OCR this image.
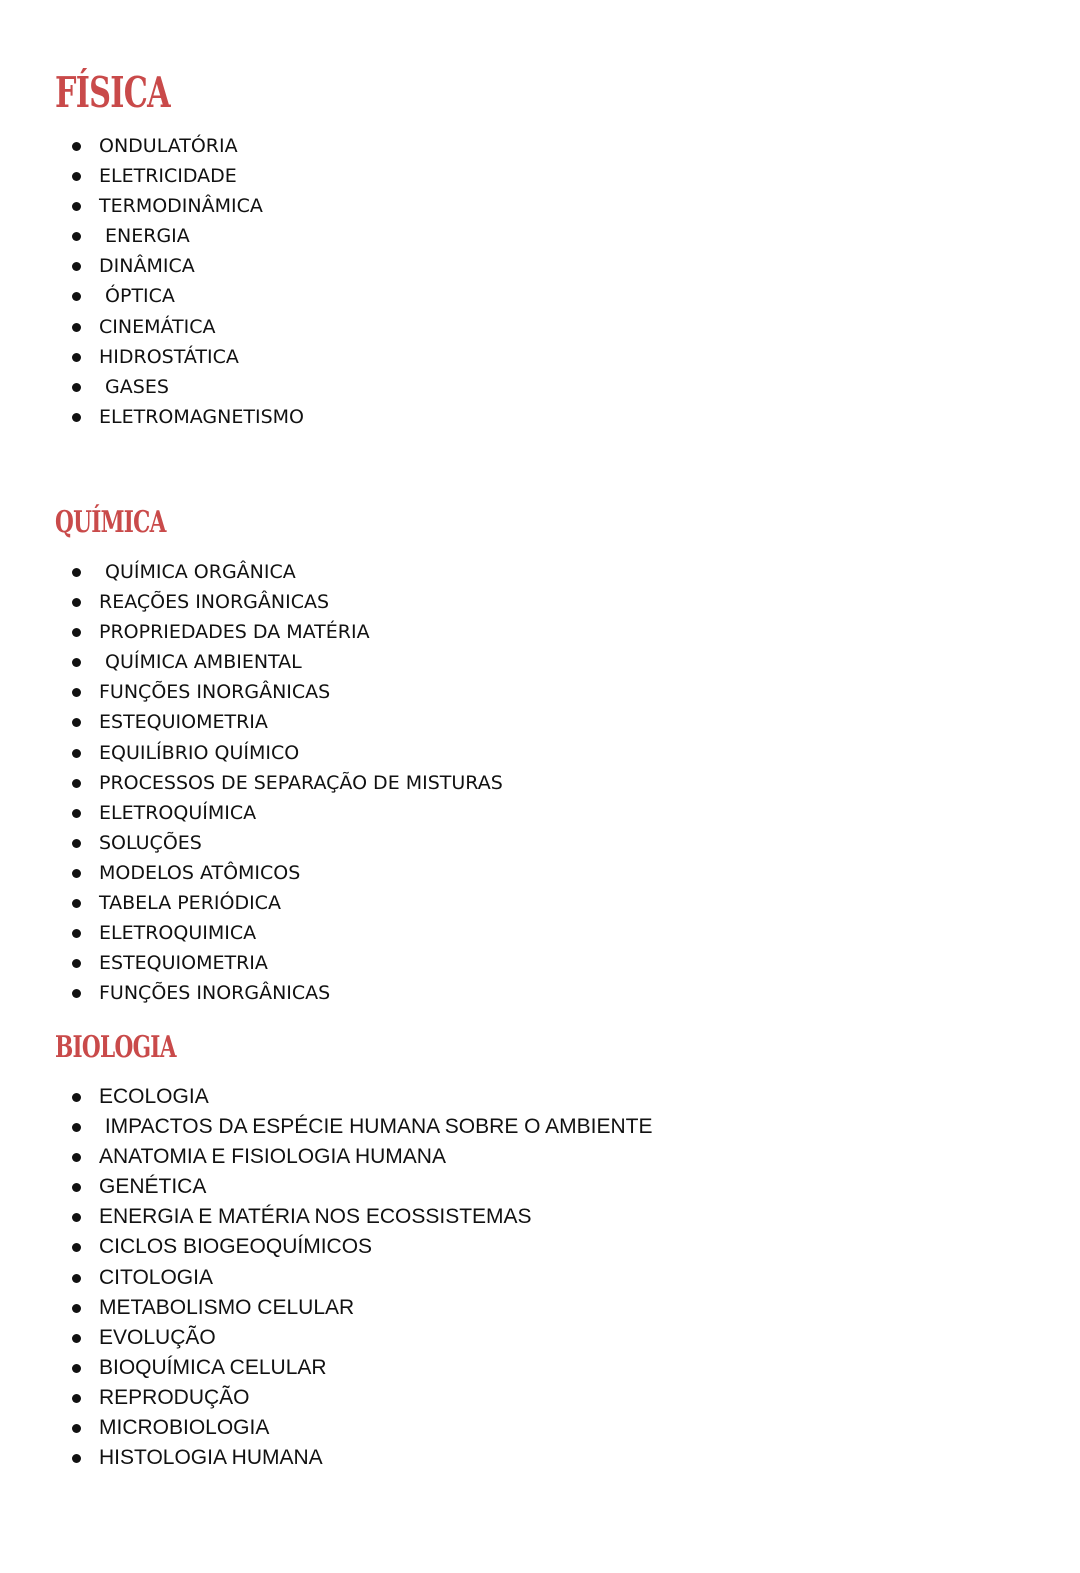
FÍSICA
ONDULATÓRIA
ELETRICIDADE
TERMODINÂMICA
ENERGIA
DINÂMICA
ÓPTICA
CINEMÁTICA
HIDROSTÁTICA
GASES
ELETROMAGNETISMO
QUÍMICA
QUÍMICA ORGÂNICA
REAÇÕES INORGÂNICAS
PROPRIEDADES DA MATÉRIA
QUÍMICA AMBIENTAL
FUNÇÕES INORGÂNICAS
ESTEQUIOMETRIA
EQUILÍBRIO QUÍMICO
PROCESSOS DE SEPARAÇÃO DE MISTURAS
ELETROQUÍMICA
SOLUÇÕES
MODELOS ATÔMICOS
TABELA PERIÓDICA
ELETROQUIMICA
ESTEQUIOMETRIA
FUNÇÕES INORGÂNICAS
BIOLOGIA
ECOLOGIA
IMPACTOS DA ESPÉCIE HUMANA SOBRE O AMBIENTE
ANATOMIA E FISIOLOGIA HUMANA
GENÉTICA
ENERGIA E MATÉRIA NOS ECOSSISTEMAS
CICLOS BIOGEOQUÍMICOS
CITOLOGIA
METABOLISMO CELULAR
EVOLUÇÃO
BIOQUÍMICA CELULAR
REPRODUÇÃO
MICROBIOLOGIA
HISTOLOGIA HUMANA
